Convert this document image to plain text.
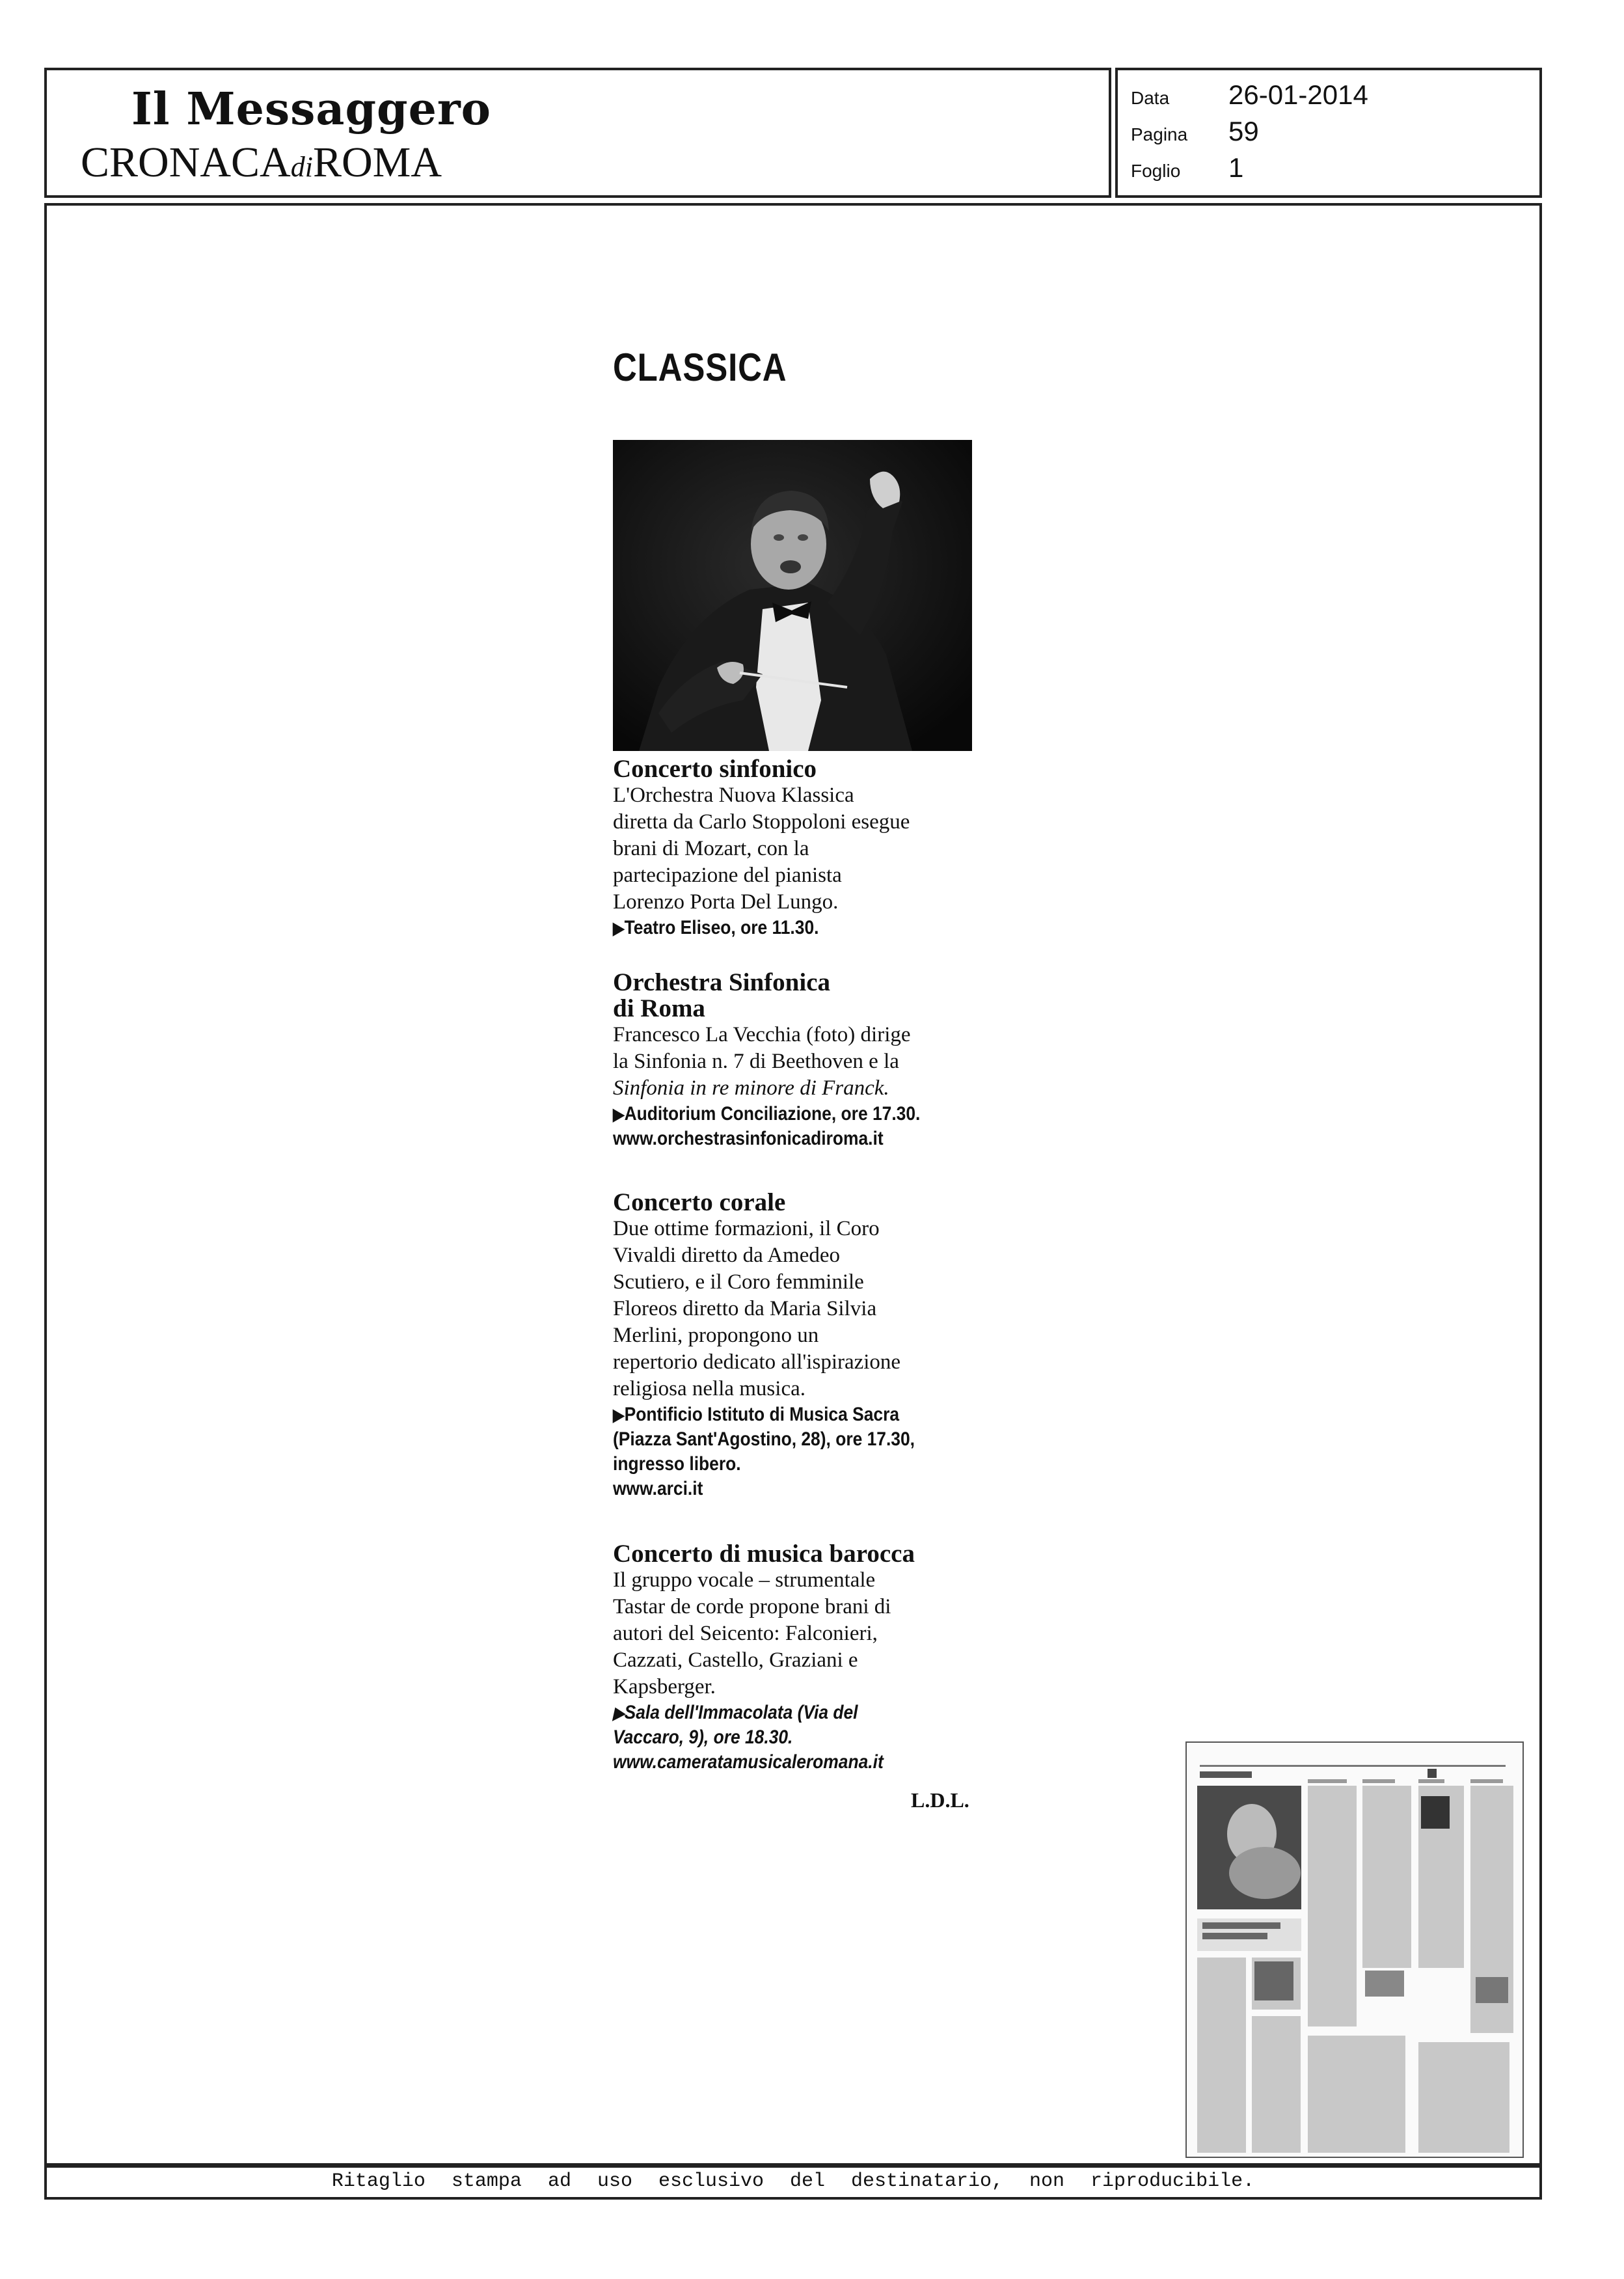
Il Messaggero
CRONACAdiROMA
Data 26-01-2014
Pagina 59
Foglio 1
CLASSICA
Concerto sinfonico

L'Orchestra Nuova Klassica

diretta da Carlo Stoppoloni esegue

brani di Mozart, con la

partecipazione del pianista

Lorenzo Porta Del Lungo.

▶Teatro Eliseo, ore 11.30.
Orchestra Sinfonica
di Roma

Francesco La Vecchia (foto) dirige

la Sinfonia n. 7 di Beethoven e la

Sinfonia in re minore di Franck.

▶Auditorium Conciliazione, ore 17.30.
www.orchestrasinfonicadiroma.it
Concerto corale

Due ottime formazioni, il Coro

Vivaldi diretto da Amedeo

Scutiero, e il Coro femminile

Floreos diretto da Maria Silvia

Merlini, propongono un

repertorio dedicato all'ispirazione

religiosa nella musica.

▶Pontificio Istituto di Musica Sacra
(Piazza Sant'Agostino, 28), ore 17.30,
ingresso libero.
www.arci.it
Concerto di musica barocca

Il gruppo vocale – strumentale

Tastar de corde propone brani di

autori del Seicento: Falconieri,

Cazzati, Castello, Graziani e

Kapsberger.

▶Sala dell'Immacolata (Via del
Vaccaro, 9), ore 18.30.
www.cameratamusicaleromana.it
L.D.L.
Ritaglio stampa ad uso esclusivo del destinatario, non riproducibile.
